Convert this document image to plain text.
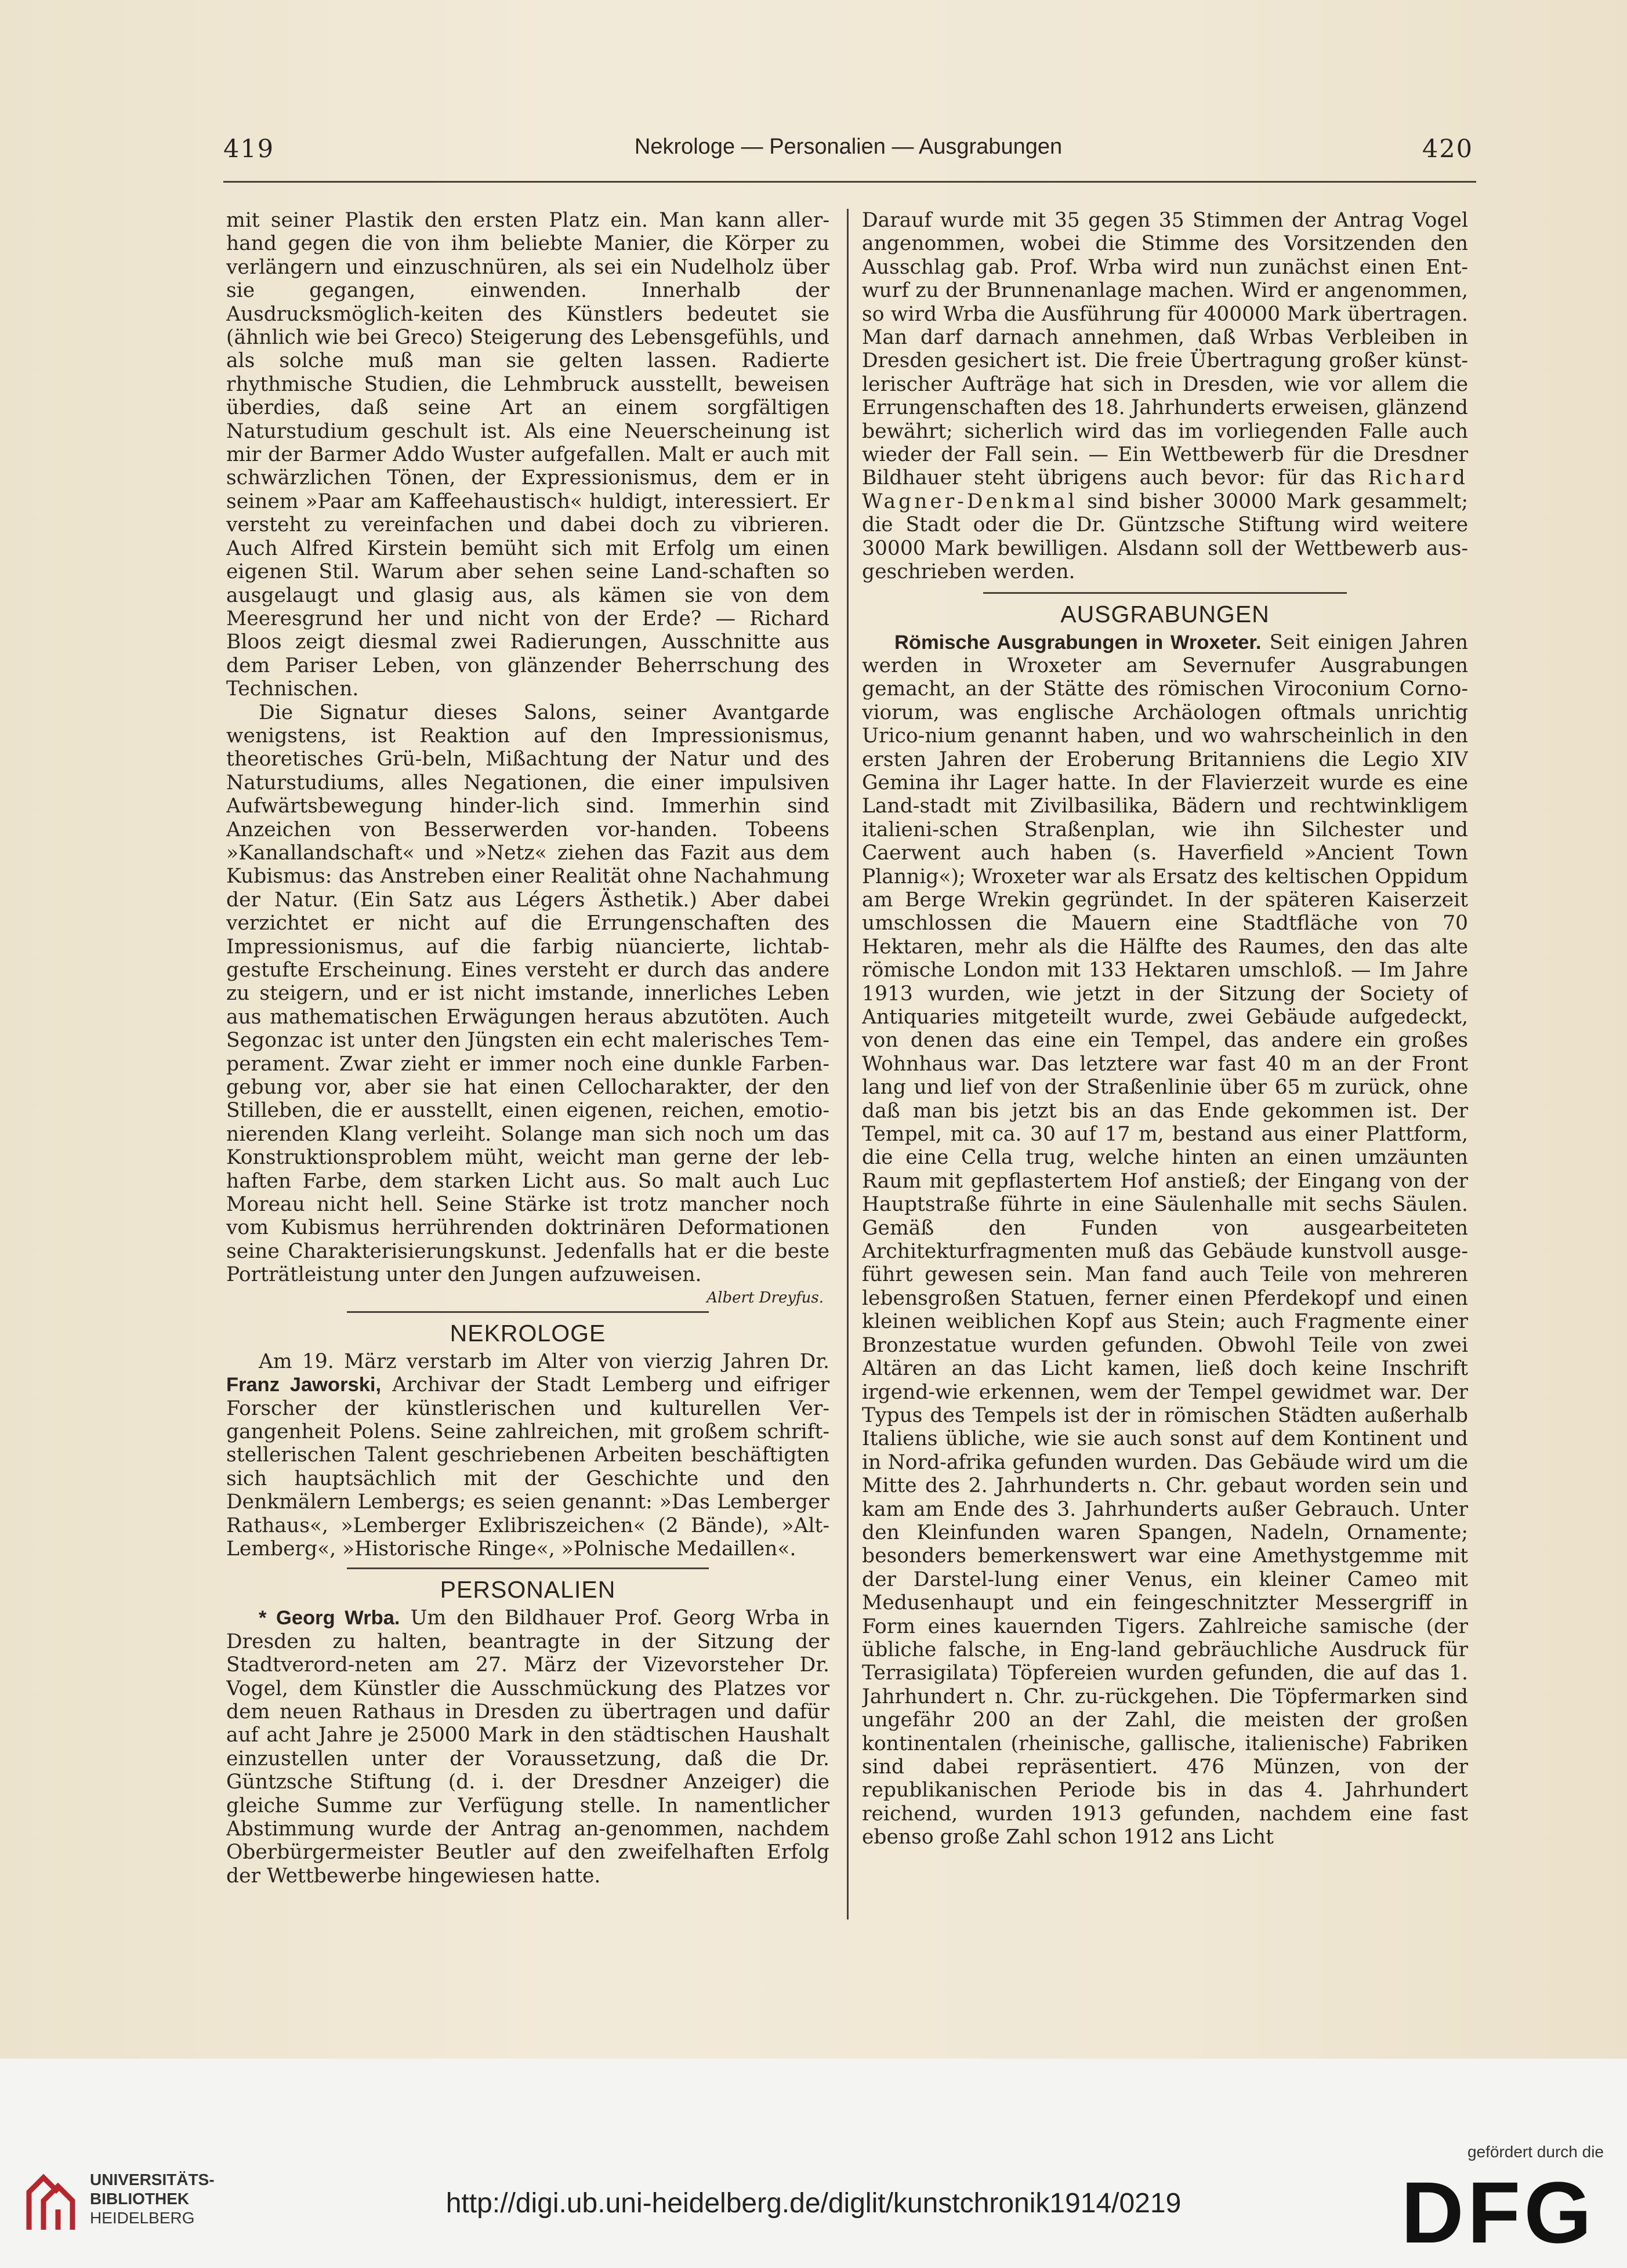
419	Nekrologe — Personalien — Ausgrabungen	420

mit seiner Plastik den ersten Platz ein. Man kann aller-hand gegen die von ihm beliebte Manier, die Körper zu verlängern und einzuschnüren, als sei ein Nudelholz über sie gegangen, einwenden. Innerhalb der Ausdrucksmöglich-keiten des Künstlers bedeutet sie (ähnlich wie bei Greco) Steigerung des Lebensgefühls, und als solche muß man sie gelten lassen. Radierte rhythmische Studien, die Lehmbruck ausstellt, beweisen überdies, daß seine Art an einem sorgfältigen Naturstudium geschult ist. Als eine Neuerscheinung ist mir der Barmer Addo Wuster aufgefallen. Malt er auch mit schwärzlichen Tönen, der Expressionismus, dem er in seinem »Paar am Kaffeehaustisch« huldigt, interessiert. Er versteht zu vereinfachen und dabei doch zu vibrieren. Auch Alfred Kirstein bemüht sich mit Erfolg um einen eigenen Stil. Warum aber sehen seine Land-schaften so ausgelaugt und glasig aus, als kämen sie von dem Meeresgrund her und nicht von der Erde? — Richard Bloos zeigt diesmal zwei Radierungen, Ausschnitte aus dem Pariser Leben, von glänzender Beherrschung des Technischen.

Die Signatur dieses Salons, seiner Avantgarde wenigstens, ist Reaktion auf den Impressionismus, theoretisches Grü-beln, Mißachtung der Natur und des Naturstudiums, alles Negationen, die einer impulsiven Aufwärtsbewegung hinder-lich sind. Immerhin sind Anzeichen von Besserwerden vor-handen. Tobeens »Kanallandschaft« und »Netz« ziehen das Fazit aus dem Kubismus: das Anstreben einer Realität ohne Nachahmung der Natur. (Ein Satz aus Légers Ästhetik.) Aber dabei verzichtet er nicht auf die Errungenschaften des Impressionismus, auf die farbig nüancierte, lichtab-gestufte Erscheinung. Eines versteht er durch das andere zu steigern, und er ist nicht imstande, innerliches Leben aus mathematischen Erwägungen heraus abzutöten. Auch Segonzac ist unter den Jüngsten ein echt malerisches Tem-perament. Zwar zieht er immer noch eine dunkle Farben-gebung vor, aber sie hat einen Cellocharakter, der den Stilleben, die er ausstellt, einen eigenen, reichen, emotio-nierenden Klang verleiht. Solange man sich noch um das Konstruktionsproblem müht, weicht man gerne der leb-haften Farbe, dem starken Licht aus. So malt auch Luc Moreau nicht hell. Seine Stärke ist trotz mancher noch vom Kubismus herrührenden doktrinären Deformationen seine Charakterisierungskunst. Jedenfalls hat er die beste Porträtleistung unter den Jungen aufzuweisen.

Albert Dreyfus.
NEKROLOGE

Am 19. März verstarb im Alter von vierzig Jahren Dr. Franz Jaworski, Archivar der Stadt Lemberg und eifriger Forscher der künstlerischen und kulturellen Ver-gangenheit Polens. Seine zahlreichen, mit großem schrift-stellerischen Talent geschriebenen Arbeiten beschäftigten sich hauptsächlich mit der Geschichte und den Denkmälern Lembergs; es seien genannt: »Das Lemberger Rathaus«, »Lemberger Exlibriszeichen« (2 Bände), »Alt-Lemberg«, »Historische Ringe«, »Polnische Medaillen«.

PERSONALIEN

* Georg Wrba. Um den Bildhauer Prof. Georg Wrba in Dresden zu halten, beantragte in der Sitzung der Stadtverord-neten am 27. März der Vizevorsteher Dr. Vogel, dem Künstler die Ausschmückung des Platzes vor dem neuen Rathaus in Dresden zu übertragen und dafür auf acht Jahre je 25000 Mark in den städtischen Haushalt einzustellen unter der Voraussetzung, daß die Dr. Güntzsche Stiftung (d. i. der Dresdner Anzeiger) die gleiche Summe zur Verfügung stelle. In namentlicher Abstimmung wurde der Antrag an-genommen, nachdem Oberbürgermeister Beutler auf den zweifelhaften Erfolg der Wettbewerbe hingewiesen hatte.

Darauf wurde mit 35 gegen 35 Stimmen der Antrag Vogel angenommen, wobei die Stimme des Vorsitzenden den Ausschlag gab. Prof. Wrba wird nun zunächst einen Ent-wurf zu der Brunnenanlage machen. Wird er angenommen, so wird Wrba die Ausführung für 400000 Mark übertragen. Man darf darnach annehmen, daß Wrbas Verbleiben in Dresden gesichert ist. Die freie Übertragung großer künst-lerischer Aufträge hat sich in Dresden, wie vor allem die Errungenschaften des 18. Jahrhunderts erweisen, glänzend bewährt; sicherlich wird das im vorliegenden Falle auch wieder der Fall sein. — Ein Wettbewerb für die Dresdner Bildhauer steht übrigens auch bevor: für das Richard Wagner-Denkmal sind bisher 30000 Mark gesammelt; die Stadt oder die Dr. Güntzsche Stiftung wird weitere 30000 Mark bewilligen. Alsdann soll der Wettbewerb aus-geschrieben werden.

AUSGRABUNGEN

Römische Ausgrabungen in Wroxeter. Seit einigen Jahren werden in Wroxeter am Severnufer Ausgrabungen gemacht, an der Stätte des römischen Viroconium Corno-viorum, was englische Archäologen oftmals unrichtig Urico-nium genannt haben, und wo wahrscheinlich in den ersten Jahren der Eroberung Britanniens die Legio XIV Gemina ihr Lager hatte. In der Flavierzeit wurde es eine Land-stadt mit Zivilbasilika, Bädern und rechtwinkligem italieni-schen Straßenplan, wie ihn Silchester und Caerwent auch haben (s. Haverfield »Ancient Town Plannig«); Wroxeter war als Ersatz des keltischen Oppidum am Berge Wrekin gegründet. In der späteren Kaiserzeit umschlossen die Mauern eine Stadtfläche von 70 Hektaren, mehr als die Hälfte des Raumes, den das alte römische London mit 133 Hektaren umschloß. — Im Jahre 1913 wurden, wie jetzt in der Sitzung der Society of Antiquaries mitgeteilt wurde, zwei Gebäude aufgedeckt, von denen das eine ein Tempel, das andere ein großes Wohnhaus war. Das letztere war fast 40 m an der Front lang und lief von der Straßenlinie über 65 m zurück, ohne daß man bis jetzt bis an das Ende gekommen ist. Der Tempel, mit ca. 30 auf 17 m, bestand aus einer Plattform, die eine Cella trug, welche hinten an einen umzäunten Raum mit gepflastertem Hof anstieß; der Eingang von der Hauptstraße führte in eine Säulenhalle mit sechs Säulen. Gemäß den Funden von ausgearbeiteten Architekturfragmenten muß das Gebäude kunstvoll ausge-führt gewesen sein. Man fand auch Teile von mehreren lebensgroßen Statuen, ferner einen Pferdekopf und einen kleinen weiblichen Kopf aus Stein; auch Fragmente einer Bronzestatue wurden gefunden. Obwohl Teile von zwei Altären an das Licht kamen, ließ doch keine Inschrift irgend-wie erkennen, wem der Tempel gewidmet war. Der Typus des Tempels ist der in römischen Städten außerhalb Italiens übliche, wie sie auch sonst auf dem Kontinent und in Nord-afrika gefunden wurden. Das Gebäude wird um die Mitte des 2. Jahrhunderts n. Chr. gebaut worden sein und kam am Ende des 3. Jahrhunderts außer Gebrauch. Unter den Kleinfunden waren Spangen, Nadeln, Ornamente; besonders bemerkenswert war eine Amethystgemme mit der Darstel-lung einer Venus, ein kleiner Cameo mit Medusenhaupt und ein feingeschnitzter Messergriff in Form eines kauernden Tigers. Zahlreiche samische (der übliche falsche, in Eng-land gebräuchliche Ausdruck für Terrasigilata) Töpfereien wurden gefunden, die auf das 1. Jahrhundert n. Chr. zu-rückgehen. Die Töpfermarken sind ungefähr 200 an der Zahl, die meisten der großen kontinentalen (rheinische, gallische, italienische) Fabriken sind dabei repräsentiert. 476 Münzen, von der republikanischen Periode bis in das 4. Jahrhundert reichend, wurden 1913 gefunden, nachdem eine fast ebenso große Zahl schon 1912 ans Licht

UNIVERSITÄTS-
BIBLIOTHEK
HEIDELBERG	http://digi.ub.uni-heidelberg.de/diglit/kunstchronik1914/0219
gefördert durch die
DFG
